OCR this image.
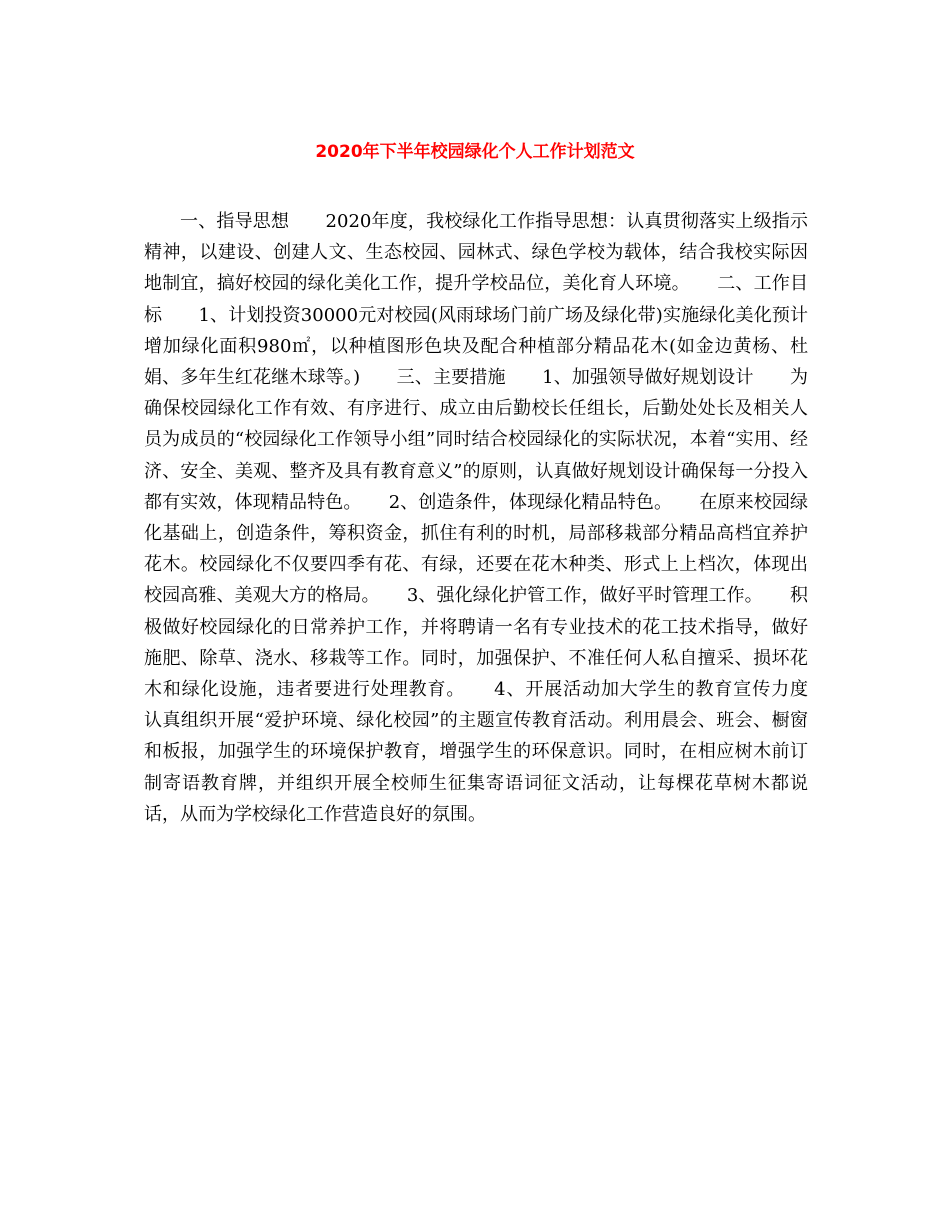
2020年下半年校园绿化个人工作计划范文

一、指导思想　　2020年度，我校绿化工作指导思想：认真贯彻落实上级指示精神，以建设、创建人文、生态校园、园林式、绿色学校为载体，结合我校实际因地制宜，搞好校园的绿化美化工作，提升学校品位，美化育人环境。　　二、工作目标　　1、计划投资30000元对校园(风雨球场门前广场及绿化带)实施绿化美化预计增加绿化面积980㎡，以种植图形色块及配合种植部分精品花木(如金边黄杨、杜娟、多年生红花继木球等。)　　三、主要措施　　1、加强领导做好规划设计　　为确保校园绿化工作有效、有序进行、成立由后勤校长任组长，后勤处处长及相关人员为成员的“校园绿化工作领导小组”同时结合校园绿化的实际状况，本着“实用、经济、安全、美观、整齐及具有教育意义”的原则，认真做好规划设计确保每一分投入都有实效，体现精品特色。　　2、创造条件，体现绿化精品特色。　　在原来校园绿化基础上，创造条件，筹积资金，抓住有利的时机，局部移栽部分精品高档宜养护花木。校园绿化不仅要四季有花、有绿，还要在花木种类、形式上上档次，体现出校园高雅、美观大方的格局。　　3、强化绿化护管工作，做好平时管理工作。　　积极做好校园绿化的日常养护工作，并将聘请一名有专业技术的花工技术指导，做好施肥、除草、浇水、移栽等工作。同时，加强保护、不准任何人私自擅采、损坏花木和绿化设施，违者要进行处理教育。　　4、开展活动加大学生的教育宣传力度　　认真组织开展“爱护环境、绿化校园”的主题宣传教育活动。利用晨会、班会、橱窗和板报，加强学生的环境保护教育，增强学生的环保意识。同时，在相应树木前订制寄语教育牌，并组织开展全校师生征集寄语词征文活动，让每棵花草树木都说话，从而为学校绿化工作营造良好的氛围。
